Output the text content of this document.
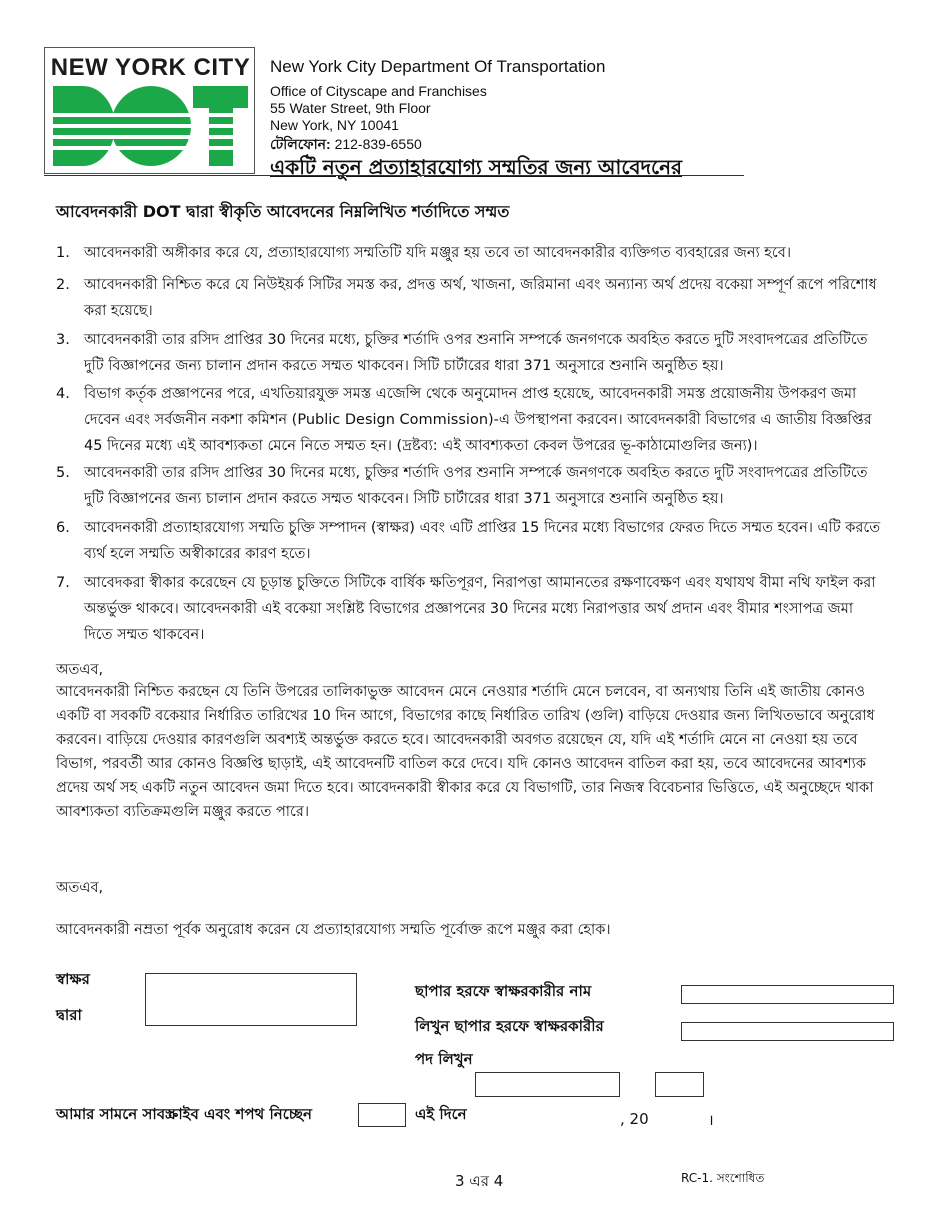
NEW YORK CITY New York City Department Of Transportation
Office of Cityscape and Franchises
55 Water Street, 9th Floor
New York, NY 10041
টেলিফোন: 212-839-6550
একটি নতুন প্রত্যাহারযোগ্য সম্মতির জন্য আবেদনের
আবেদনকারী DOT দ্বারা স্বীকৃতি আবেদনের নিম্নলিখিত শর্তাদিতে সম্মত
1. আবেদনকারী অঙ্গীকার করে যে, প্রত্যাহারযোগ্য সম্মতিটি যদি মঞ্জুর হয় তবে তা আবেদনকারীর ব্যক্তিগত ব্যবহারের জন্য হবে।
2. আবেদনকারী নিশ্চিত করে যে নিউইয়র্ক সিটির সমস্ত কর, প্রদত্ত অর্থ, খাজনা, জরিমানা এবং অন্যান্য অর্থ প্রদেয় বকেয়া সম্পূর্ণ রূপে পরিশোধ করা হয়েছে।
3. আবেদনকারী তার রসিদ প্রাপ্তির 30 দিনের মধ্যে, চুক্তির শর্তাদি ওপর শুনানি সম্পর্কে জনগণকে অবহিত করতে দুটি সংবাদপত্রের প্রতিটিতে দুটি বিজ্ঞাপনের জন্য চালান প্রদান করতে সম্মত থাকবেন। সিটি চার্টারের ধারা 371 অনুসারে শুনানি অনুষ্ঠিত হয়।
4. বিভাগ কর্তৃক প্রজ্ঞাপনের পরে, এখতিয়ারযুক্ত সমস্ত এজেন্সি থেকে অনুমোদন প্রাপ্ত হয়েছে, আবেদনকারী সমস্ত প্রয়োজনীয় উপকরণ জমা দেবেন এবং সর্বজনীন নকশা কমিশন (Public Design Commission)-এ উপস্থাপনা করবেন। আবেদনকারী বিভাগের এ জাতীয় বিজ্ঞপ্তির 45 দিনের মধ্যে এই আবশ্যকতা মেনে নিতে সম্মত হন। (দ্রষ্টব্য: এই আবশ্যকতা কেবল উপরের ভূ-কাঠামোগুলির জন্য)।
5. আবেদনকারী তার রসিদ প্রাপ্তির 30 দিনের মধ্যে, চুক্তির শর্তাদি ওপর শুনানি সম্পর্কে জনগণকে অবহিত করতে দুটি সংবাদপত্রের প্রতিটিতে দুটি বিজ্ঞাপনের জন্য চালান প্রদান করতে সম্মত থাকবেন। সিটি চার্টারের ধারা 371 অনুসারে শুনানি অনুষ্ঠিত হয়।
6. আবেদনকারী প্রত্যাহারযোগ্য সম্মতি চুক্তি সম্পাদন (স্বাক্ষর) এবং এটি প্রাপ্তির 15 দিনের মধ্যে বিভাগের ফেরত দিতে সম্মত হবেন। এটি করতে ব্যর্থ হলে সম্মতি অস্বীকারের কারণ হতে।
7. আবেদকরা স্বীকার করেছেন যে চূড়ান্ত চুক্তিতে সিটিকে বার্ষিক ক্ষতিপূরণ, নিরাপত্তা আমানতের রক্ষণাবেক্ষণ এবং যথাযথ বীমা নথি ফাইল করা অন্তর্ভুক্ত থাকবে। আবেদনকারী এই বকেয়া সংশ্লিষ্ট বিভাগের প্রজ্ঞাপনের 30 দিনের মধ্যে নিরাপত্তার অর্থ প্রদান এবং বীমার শংসাপত্র জমা দিতে সম্মত থাকবেন।
অতএব,
আবেদনকারী নিশ্চিত করছেন যে তিনি উপরের তালিকাভুক্ত আবেদন মেনে নেওয়ার শর্তাদি মেনে চলবেন, বা অন্যথায় তিনি এই জাতীয় কোনও একটি বা সবকটি বকেয়ার নির্ধারিত তারিখের 10 দিন আগে, বিভাগের কাছে নির্ধারিত তারিখ (গুলি) বাড়িয়ে দেওয়ার জন্য লিখিতভাবে অনুরোধ করবেন। বাড়িয়ে দেওয়ার কারণগুলি অবশ্যই অন্তর্ভুক্ত করতে হবে। আবেদনকারী অবগত রয়েছেন যে, যদি এই শর্তাদি মেনে না নেওয়া হয় তবে বিভাগ, পরবর্তী আর কোনও বিজ্ঞপ্তি ছাড়াই, এই আবেদনটি বাতিল করে দেবে। যদি কোনও আবেদন বাতিল করা হয়, তবে আবেদনের আবশ্যক প্রদেয় অর্থ সহ একটি নতুন আবেদন জমা দিতে হবে। আবেদনকারী স্বীকার করে যে বিভাগটি, তার নিজস্ব বিবেচনার ভিত্তিতে, এই অনুচ্ছেদে থাকা আবশ্যকতা ব্যতিক্রমগুলি মঞ্জুর করতে পারে।
অতএব,
আবেদনকারী নম্রতা পূর্বক অনুরোধ করেন যে প্রত্যাহারযোগ্য সম্মতি পূর্বোক্ত রূপে মঞ্জুর করা হোক।
স্বাক্ষর
দ্বারা
ছাপার হরফে স্বাক্ষরকারীর নাম
লিখুন ছাপার হরফে স্বাক্ষরকারীর
পদ লিখুন
আমার সামনে সাবস্ক্রাইব এবং শপথ নিচ্ছেন	এই দিনে	, 20	।
3 এর 4	RC-1. সংশোধিত
